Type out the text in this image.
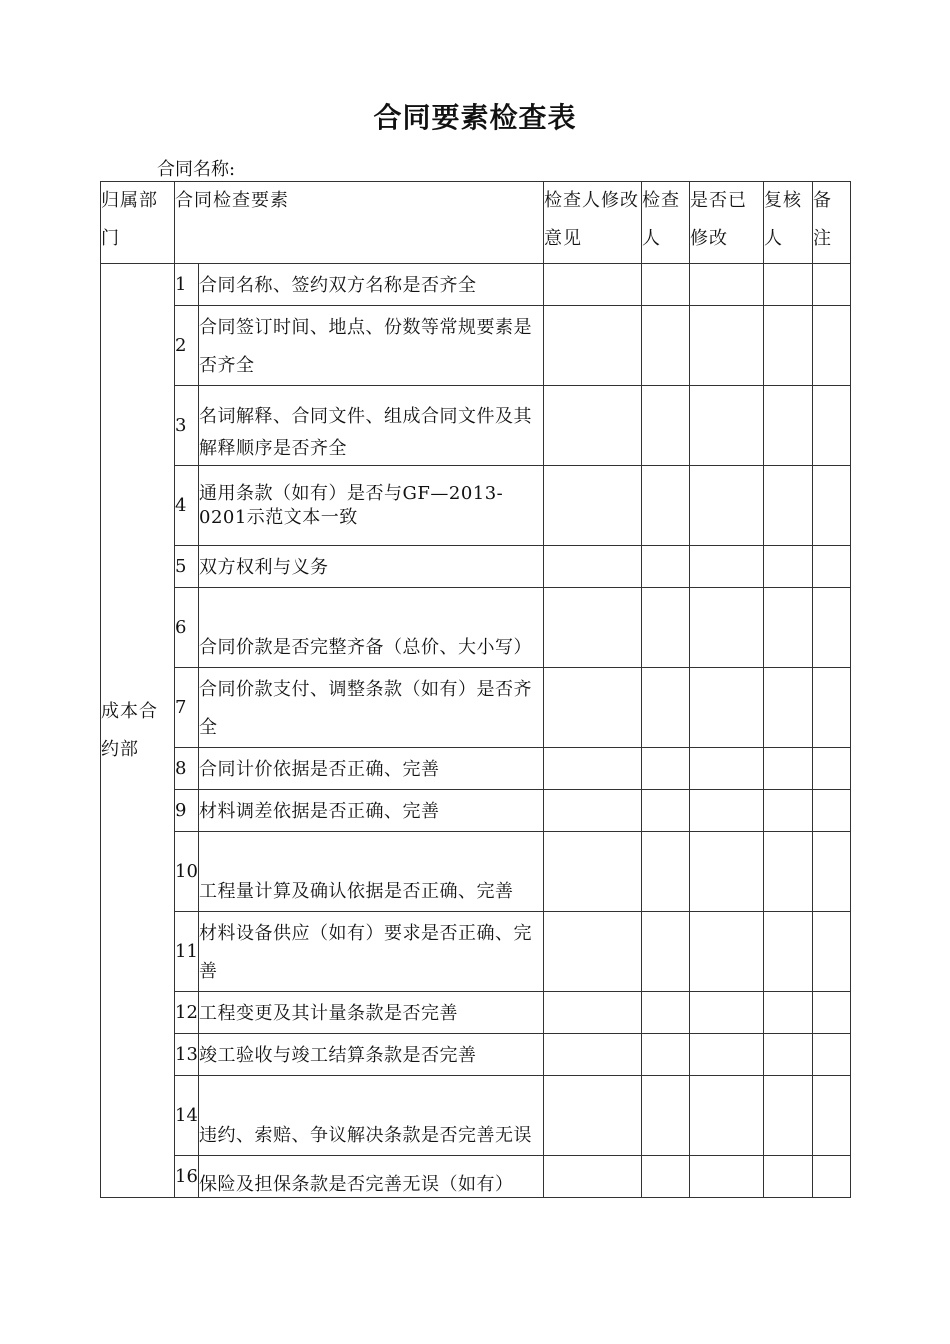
合同要素检查表
合同名称:
归属部门	合同检查要素		检查人修改意见	检查人	是否已修改	复核人	备注
成本合约部	1	合同名称、签约双方名称是否齐全					
	2	合同签订时间、地点、份数等常规要素是否齐全					
	3	名词解释、合同文件、组成合同文件及其解释顺序是否齐全					
	4	通用条款（如有）是否与GF—2013-0201示范文本一致					
	5	双方权利与义务					
	6	合同价款是否完整齐备（总价、大小写）					
	7	合同价款支付、调整条款（如有）是否齐全					
	8	合同计价依据是否正确、完善					
	9	材料调差依据是否正确、完善					
	10	工程量计算及确认依据是否正确、完善					
	11	材料设备供应（如有）要求是否正确、完善					
	12	工程变更及其计量条款是否完善					
	13	竣工验收与竣工结算条款是否完善					
	14	违约、索赔、争议解决条款是否完善无误					
	16	保险及担保条款是否完善无误（如有）					
